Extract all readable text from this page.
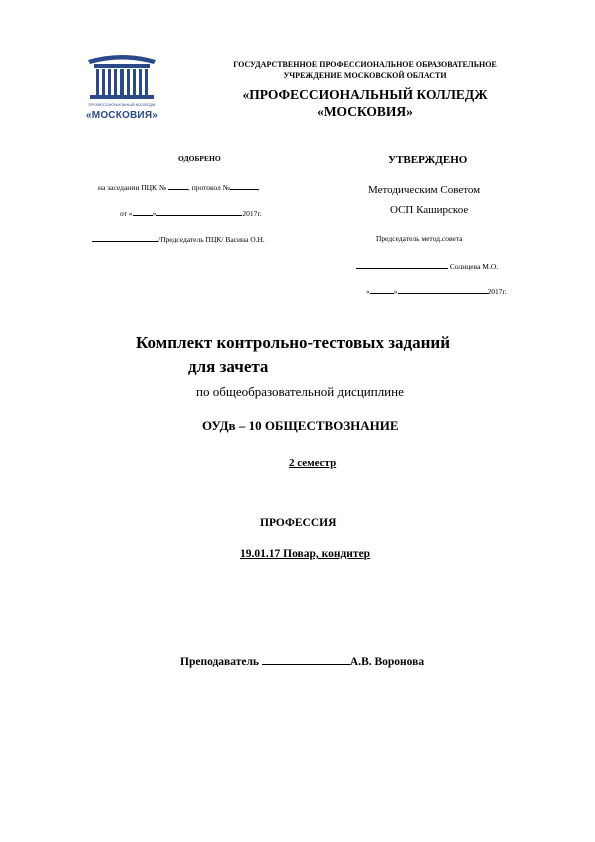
ПРОФЕССИОНАЛЬНЫЙ КОЛЛЕДЖ
«МОСКОВИЯ»
ГОСУДАРСТВЕННОЕ ПРОФЕССИОНАЛЬНОЕ ОБРАЗОВАТЕЛЬНОЕ
УЧРЕЖДЕНИЕ МОСКОВСКОЙ ОБЛАСТИ
«ПРОФЕССИОНАЛЬНЫЙ КОЛЛЕДЖ
«МОСКОВИЯ»
ОДОБРЕНО
на заседании ПЦК №	, протокол №	,
от «	»	2017г.
/Председатель ПЦК/ Васина О.Н.
УТВЕРЖДЕНО
Методическим Советом
ОСП Каширское
Председатель метод.совета
Солнцева М.О.
«	»	2017г.
Комплект контрольно-тестовых заданий
для зачета
по общеобразовательной дисциплине
ОУДв – 10 ОБЩЕСТВОЗНАНИЕ
2 семестр
ПРОФЕССИЯ
19.01.17 Повар, кондитер
Преподаватель	А.В. Воронова
